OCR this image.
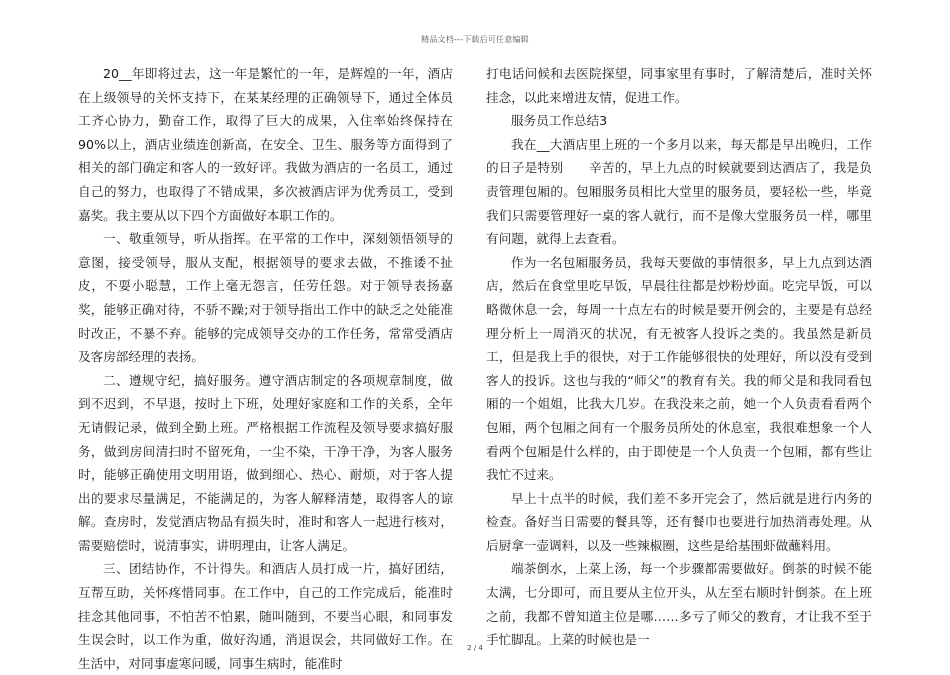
精品文档---下载后可任意编辑

20__年即将过去，这一年是繁忙的一年，是辉煌的一年，酒店在上级领导的关怀支持下，在某某经理的正确领导下，通过全体员工齐心协力，勤奋工作，取得了巨大的成果，入住率始终保持在90%以上，酒店业绩连创新高，在安全、卫生、服务等方面得到了相关的部门确定和客人的一致好评。我做为酒店的一名员工，通过自己的努力，也取得了不错成果，多次被酒店评为优秀员工，受到嘉奖。我主要从以下四个方面做好本职工作的。

一、敬重领导，听从指挥。在平常的工作中，深刻领悟领导的意图，接受领导，服从支配，根据领导的要求去做，不推诿不扯皮，不耍小聪慧，工作上毫无怨言，任劳任怨。对于领导表扬嘉奖，能够正确对待，不骄不躁;对于领导指出工作中的缺乏之处能准时改正，不暴不弃。能够的完成领导交办的工作任务，常常受酒店及客房部经理的表扬。

二、遵规守纪，搞好服务。遵守酒店制定的各项规章制度，做到不迟到，不早退，按时上下班，处理好家庭和工作的关系，全年无请假记录，做到全勤上班。严格根据工作流程及领导要求搞好服务，做到房间清扫时不留死角，一尘不染，干净干净，为客人服务时，能够正确使用文明用语，做到细心、热心、耐烦，对于客人提出的要求尽量满足，不能满足的，为客人解释清楚，取得客人的谅解。查房时，发觉酒店物品有损失时，准时和客人一起进行核对，需要赔偿时，说清事实，讲明理由，让客人满足。

三、团结协作，不计得失。和酒店人员打成一片，搞好团结，互帮互助，关怀疼惜同事。在工作中，自己的工作完成后，能准时挂念其他同事，不怕苦不怕累，随叫随到，不要当心眼，和同事发生误会时，以工作为重，做好沟通，消退误会，共同做好工作。在生活中，对同事虚寒问暖，同事生病时，能准时

打电话问候和去医院探望，同事家里有事时，了解清楚后，准时关怀挂念，以此来增进友情，促进工作。

服务员工作总结3

我在__大酒店里上班的一个多月以来，每天都是早出晚归，工作的日子是特别　　辛苦的，早上九点的时候就要到达酒店了，我是负责管理包厢的。包厢服务员相比大堂里的服务员，要轻松一些，毕竟我们只需要管理好一桌的客人就行，而不是像大堂服务员一样，哪里有问题，就得上去查看。

作为一名包厢服务员，我每天要做的事情很多，早上九点到达酒店，然后在食堂里吃早饭，早晨往往都是炒粉炒面。吃完早饭，可以略微休息一会，每周一十点左右的时候是要开例会的，主要是有总经理分析上一周消灭的状况，有无被客人投诉之类的。我虽然是新员工，但是我上手的很快，对于工作能够很快的处理好，所以没有受到客人的投诉。这也与我的“师父”的教育有关。我的师父是和我同看包厢的一个姐姐，比我大几岁。在我没来之前，她一个人负责看看两个包厢，两个包厢之间有一个服务员所处的休息室，我很难想象一个人看两个包厢是什么样的，由于即使是一个人负责一个包厢，都有些让我忙不过来。

早上十点半的时候，我们差不多开完会了，然后就是进行内务的检查。备好当日需要的餐具等，还有餐巾也要进行加热消毒处理。从后厨拿一壶调料，以及一些辣椒圈，这些是给基围虾做蘸料用。

端茶倒水，上菜上汤，每一个步骤都需要做好。倒茶的时候不能太满，七分即可，而且要从主位开头，从左至右顺时针倒茶。在上班之前，我都不曾知道主位是哪……多亏了师父的教育，才让我不至于手忙脚乱。上菜的时候也是一

2 / 4
